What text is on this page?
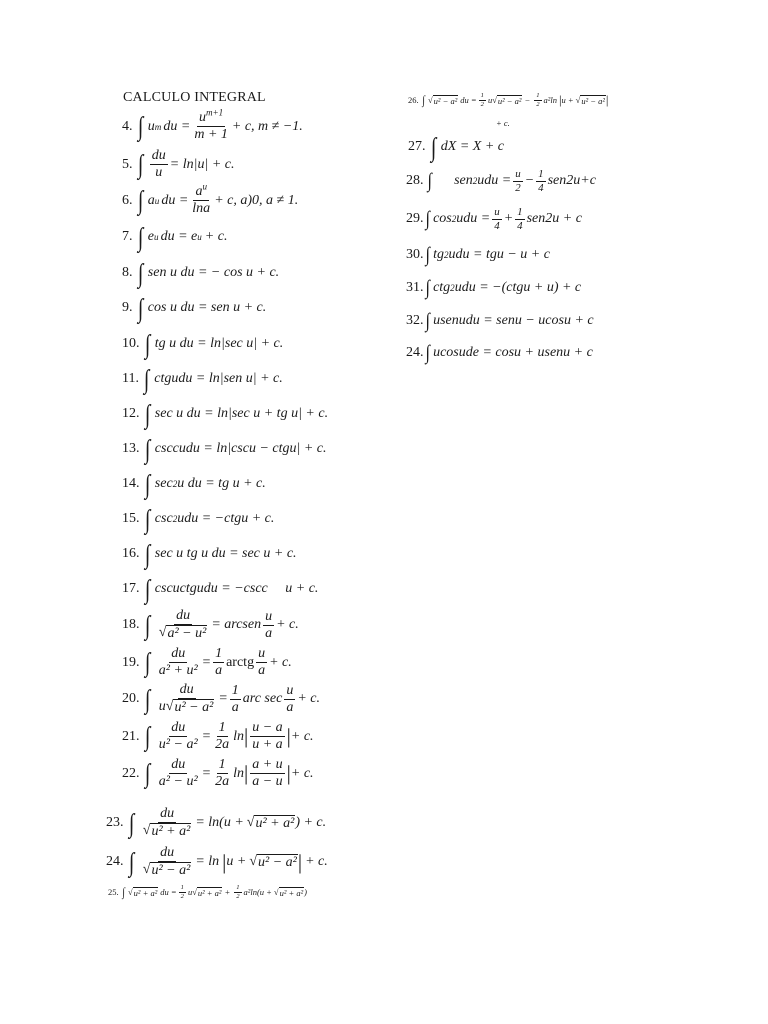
CALCULO INTEGRAL
4. ∫ u m du = $\frac{u^{m+1}}{m + 1} + c$, m ≠ −1.
5. ∫ $\frac{du}{u} = \ln|u| + c$.
6. ∫ a u du = $\frac{a^u}{\ln a} + c$, a)0, a ≠ 1.
7. ∫ e u du = e u + c.
8. ∫ sen u du = − cos u + c.
9. ∫ cos u du = sen u + c.
10. ∫ tg u du = ln|sec u| + c.
11. ∫ ctgudu = ln|sen u| + c.
12. ∫ sec u du = ln|sec u + tg u| + c.
13. ∫ csccudu = ln|cscu − ctgu| + c.
14. ∫ sec 2 u du = tg u + c.
15. ∫ csc 2 udu = −ctgu + c.
16. ∫ sec u tg u du = sec u + c.
17. ∫ cscuctgudu = −cscc     u + c.
18. ∫ $\frac{du}{\text{√ a² − u²}}$ = arcsen $\frac{u}{a} + c$.
19. ∫ $\frac{du}{\text{a² + u²}} = \frac{1}{a}$ arctg $\frac{u}{a} + c$.
20. ∫ $\frac{du}{\text{u √ u² − a²}} = \frac{1}{a}$ arc $\sec \frac{u}{a} + c$.
21. ∫ $\frac{du}{\text{u² − a²}} = \frac{1}{2a}$ ln | $\frac{u - a}{u + a}$ | + c.
22. ∫ $\frac{du}{\text{a² − u²}} = \frac{1}{2a}$ ln | $\frac{a + u}{a - u}$ | + c.
23. ∫ $\frac{du}{\text{√ u² + a²}} = \ln(u$ + √ u² + a² ) + c.
24. ∫ $\frac{du}{\text{√ u² − a²}} = \ln$ | u + √ u² − a² | + c.
25. ∫ √ u² + a² du = $\frac{1}{2}$ u √ $u^2 + a^2 + \frac{1}{2} a^2\ln(u$ + √ u² + a² )
26. ∫ √ u² − a² du = $\frac{1}{2}$ u √ $u^2 - a^2 - \frac{1}{2} a^2\ln$ | u + √ u² − a² |
+ c.
27. ∫ dX = X + c
28. ∫ sen 2 udu = $\frac{u}{2} - \frac{1}{4} sen2u+c$
29. ∫ cos 2 udu = $\frac{u}{4} + \frac{1}{4} sen2u + c$
30. ∫ tg 2 udu = tgu − u + c
31. ∫ ctg 2 udu = −(ctgu + u) + c
32. ∫ usenudu = senu − ucosu + c
24. ∫ ucosude = cosu + usenu + c
